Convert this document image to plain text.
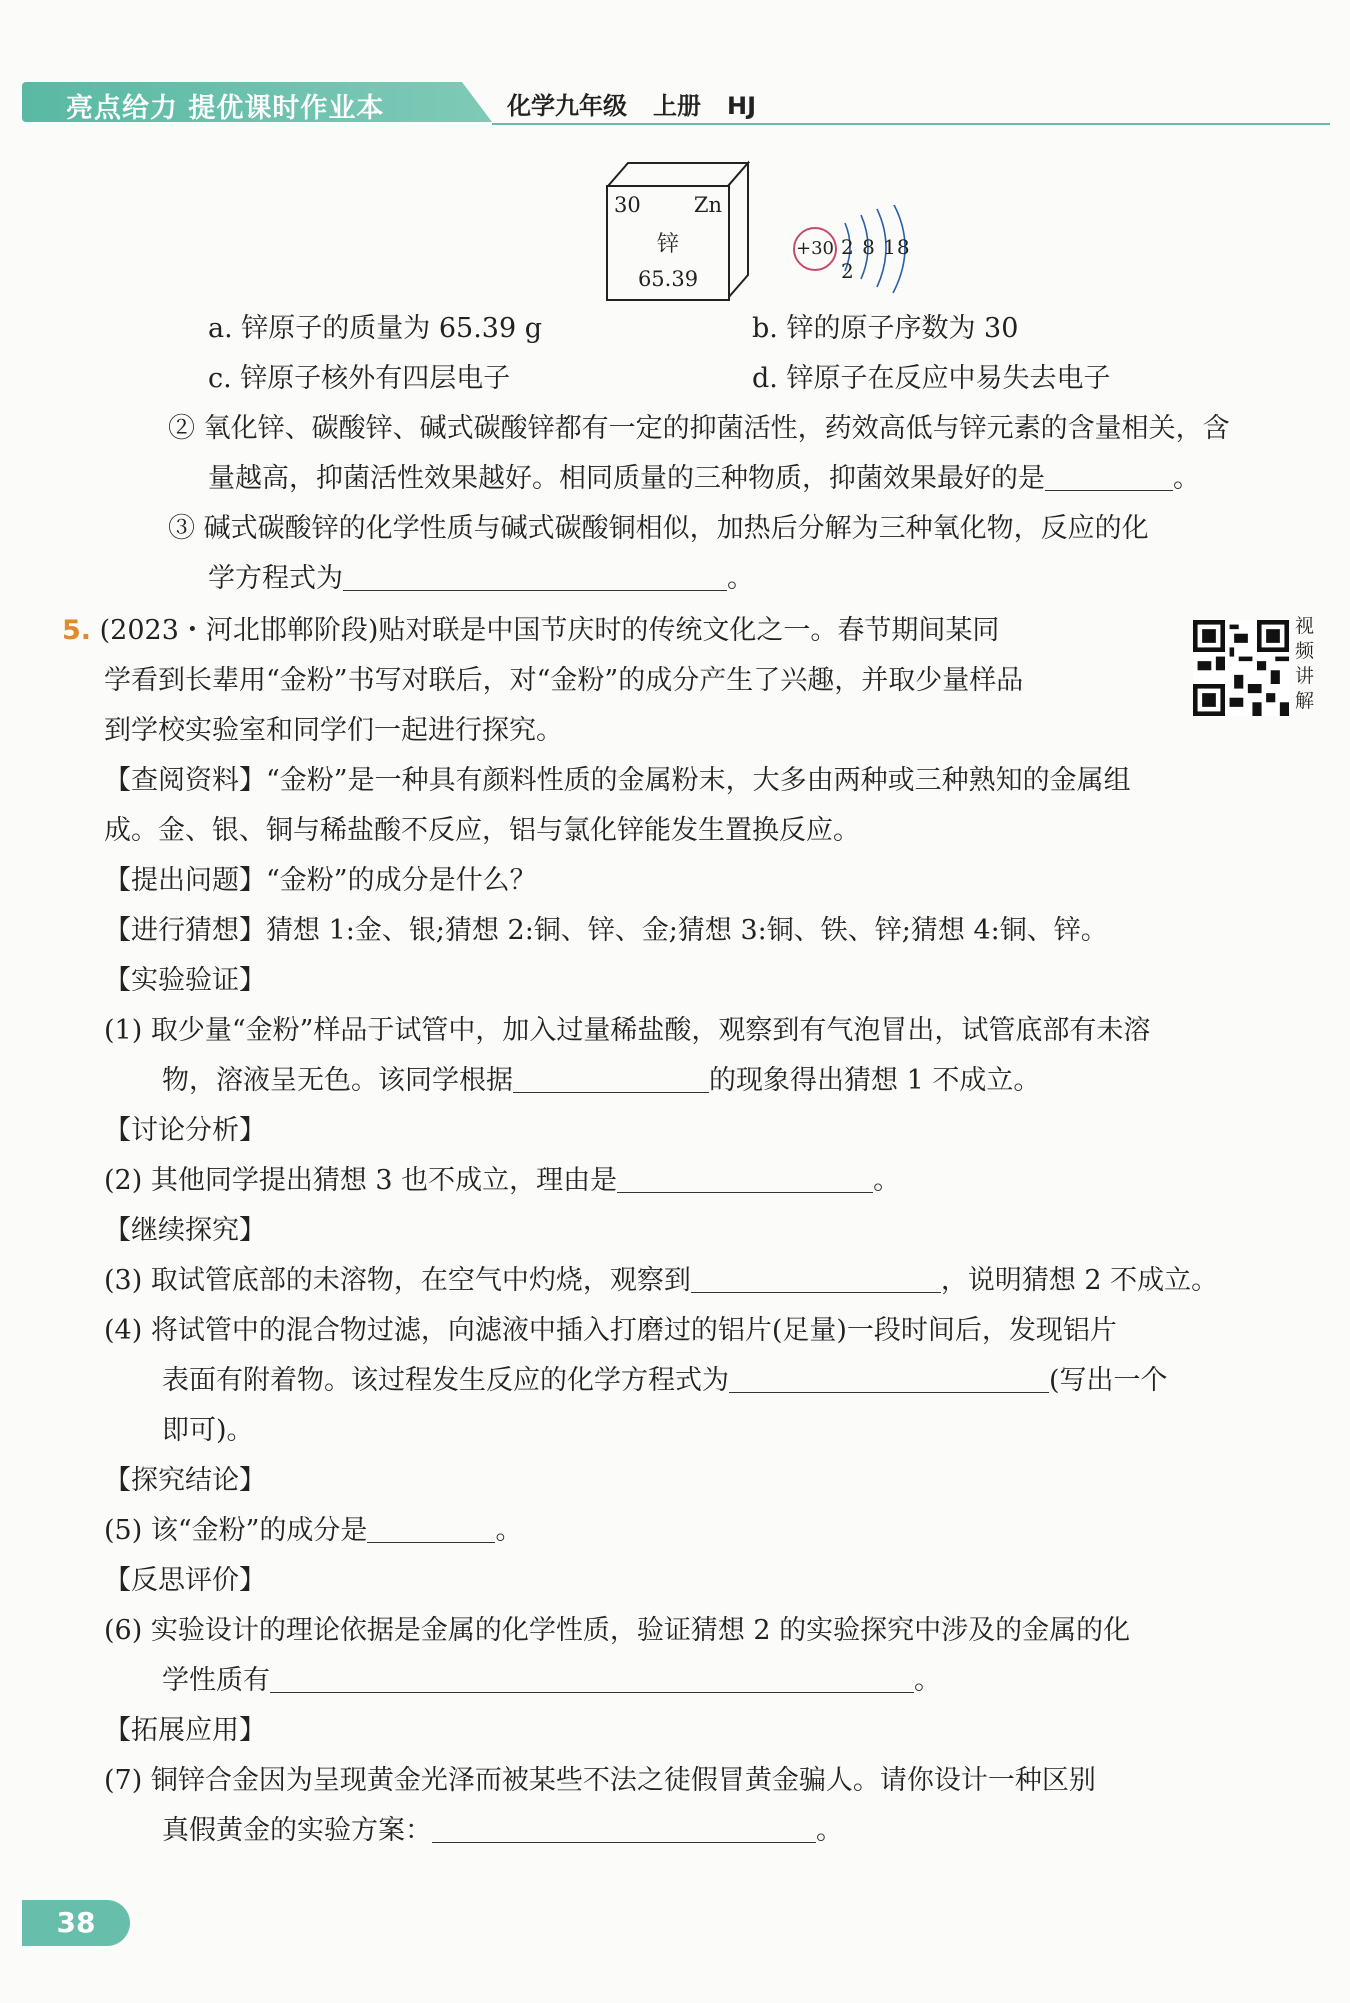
亮点给力 提优课时作业本	化学九年级 上册 HJ
30	Zn
锌
65.39
+30 2 8 18 2
a. 锌原子的质量为 65.39 g	b. 锌的原子序数为 30
c. 锌原子核外有四层电子	d. 锌原子在反应中易失去电子
② 氧化锌、碳酸锌、碱式碳酸锌都有一定的抑菌活性，药效高低与锌元素的含量相关，含
量越高，抑菌活性效果越好。相同质量的三种物质，抑菌效果最好的是	。
③ 碱式碳酸锌的化学性质与碱式碳酸铜相似，加热后分解为三种氧化物，反应的化
学方程式为	。
5. (2023・河北邯郸阶段)贴对联是中国节庆时的传统文化之一。春节期间某同
学看到长辈用“金粉”书写对联后，对“金粉”的成分产生了兴趣，并取少量样品
到学校实验室和同学们一起进行探究。
视频讲解
【查阅资料】“金粉”是一种具有颜料性质的金属粉末，大多由两种或三种熟知的金属组
成。金、银、铜与稀盐酸不反应，铝与氯化锌能发生置换反应。
【提出问题】“金粉”的成分是什么？
【进行猜想】猜想 1:金、银;猜想 2:铜、锌、金;猜想 3:铜、铁、锌;猜想 4:铜、锌。
【实验验证】
(1) 取少量“金粉”样品于试管中，加入过量稀盐酸，观察到有气泡冒出，试管底部有未溶
物，溶液呈无色。该同学根据	的现象得出猜想 1 不成立。
【讨论分析】
(2) 其他同学提出猜想 3 也不成立，理由是	。
【继续探究】
(3) 取试管底部的未溶物，在空气中灼烧，观察到	，说明猜想 2 不成立。
(4) 将试管中的混合物过滤，向滤液中插入打磨过的铝片(足量)一段时间后，发现铝片
表面有附着物。该过程发生反应的化学方程式为	(写出一个
即可)。
【探究结论】
(5) 该“金粉”的成分是	。
【反思评价】
(6) 实验设计的理论依据是金属的化学性质，验证猜想 2 的实验探究中涉及的金属的化
学性质有	。
【拓展应用】
(7) 铜锌合金因为呈现黄金光泽而被某些不法之徒假冒黄金骗人。请你设计一种区别
真假黄金的实验方案：	。
38
